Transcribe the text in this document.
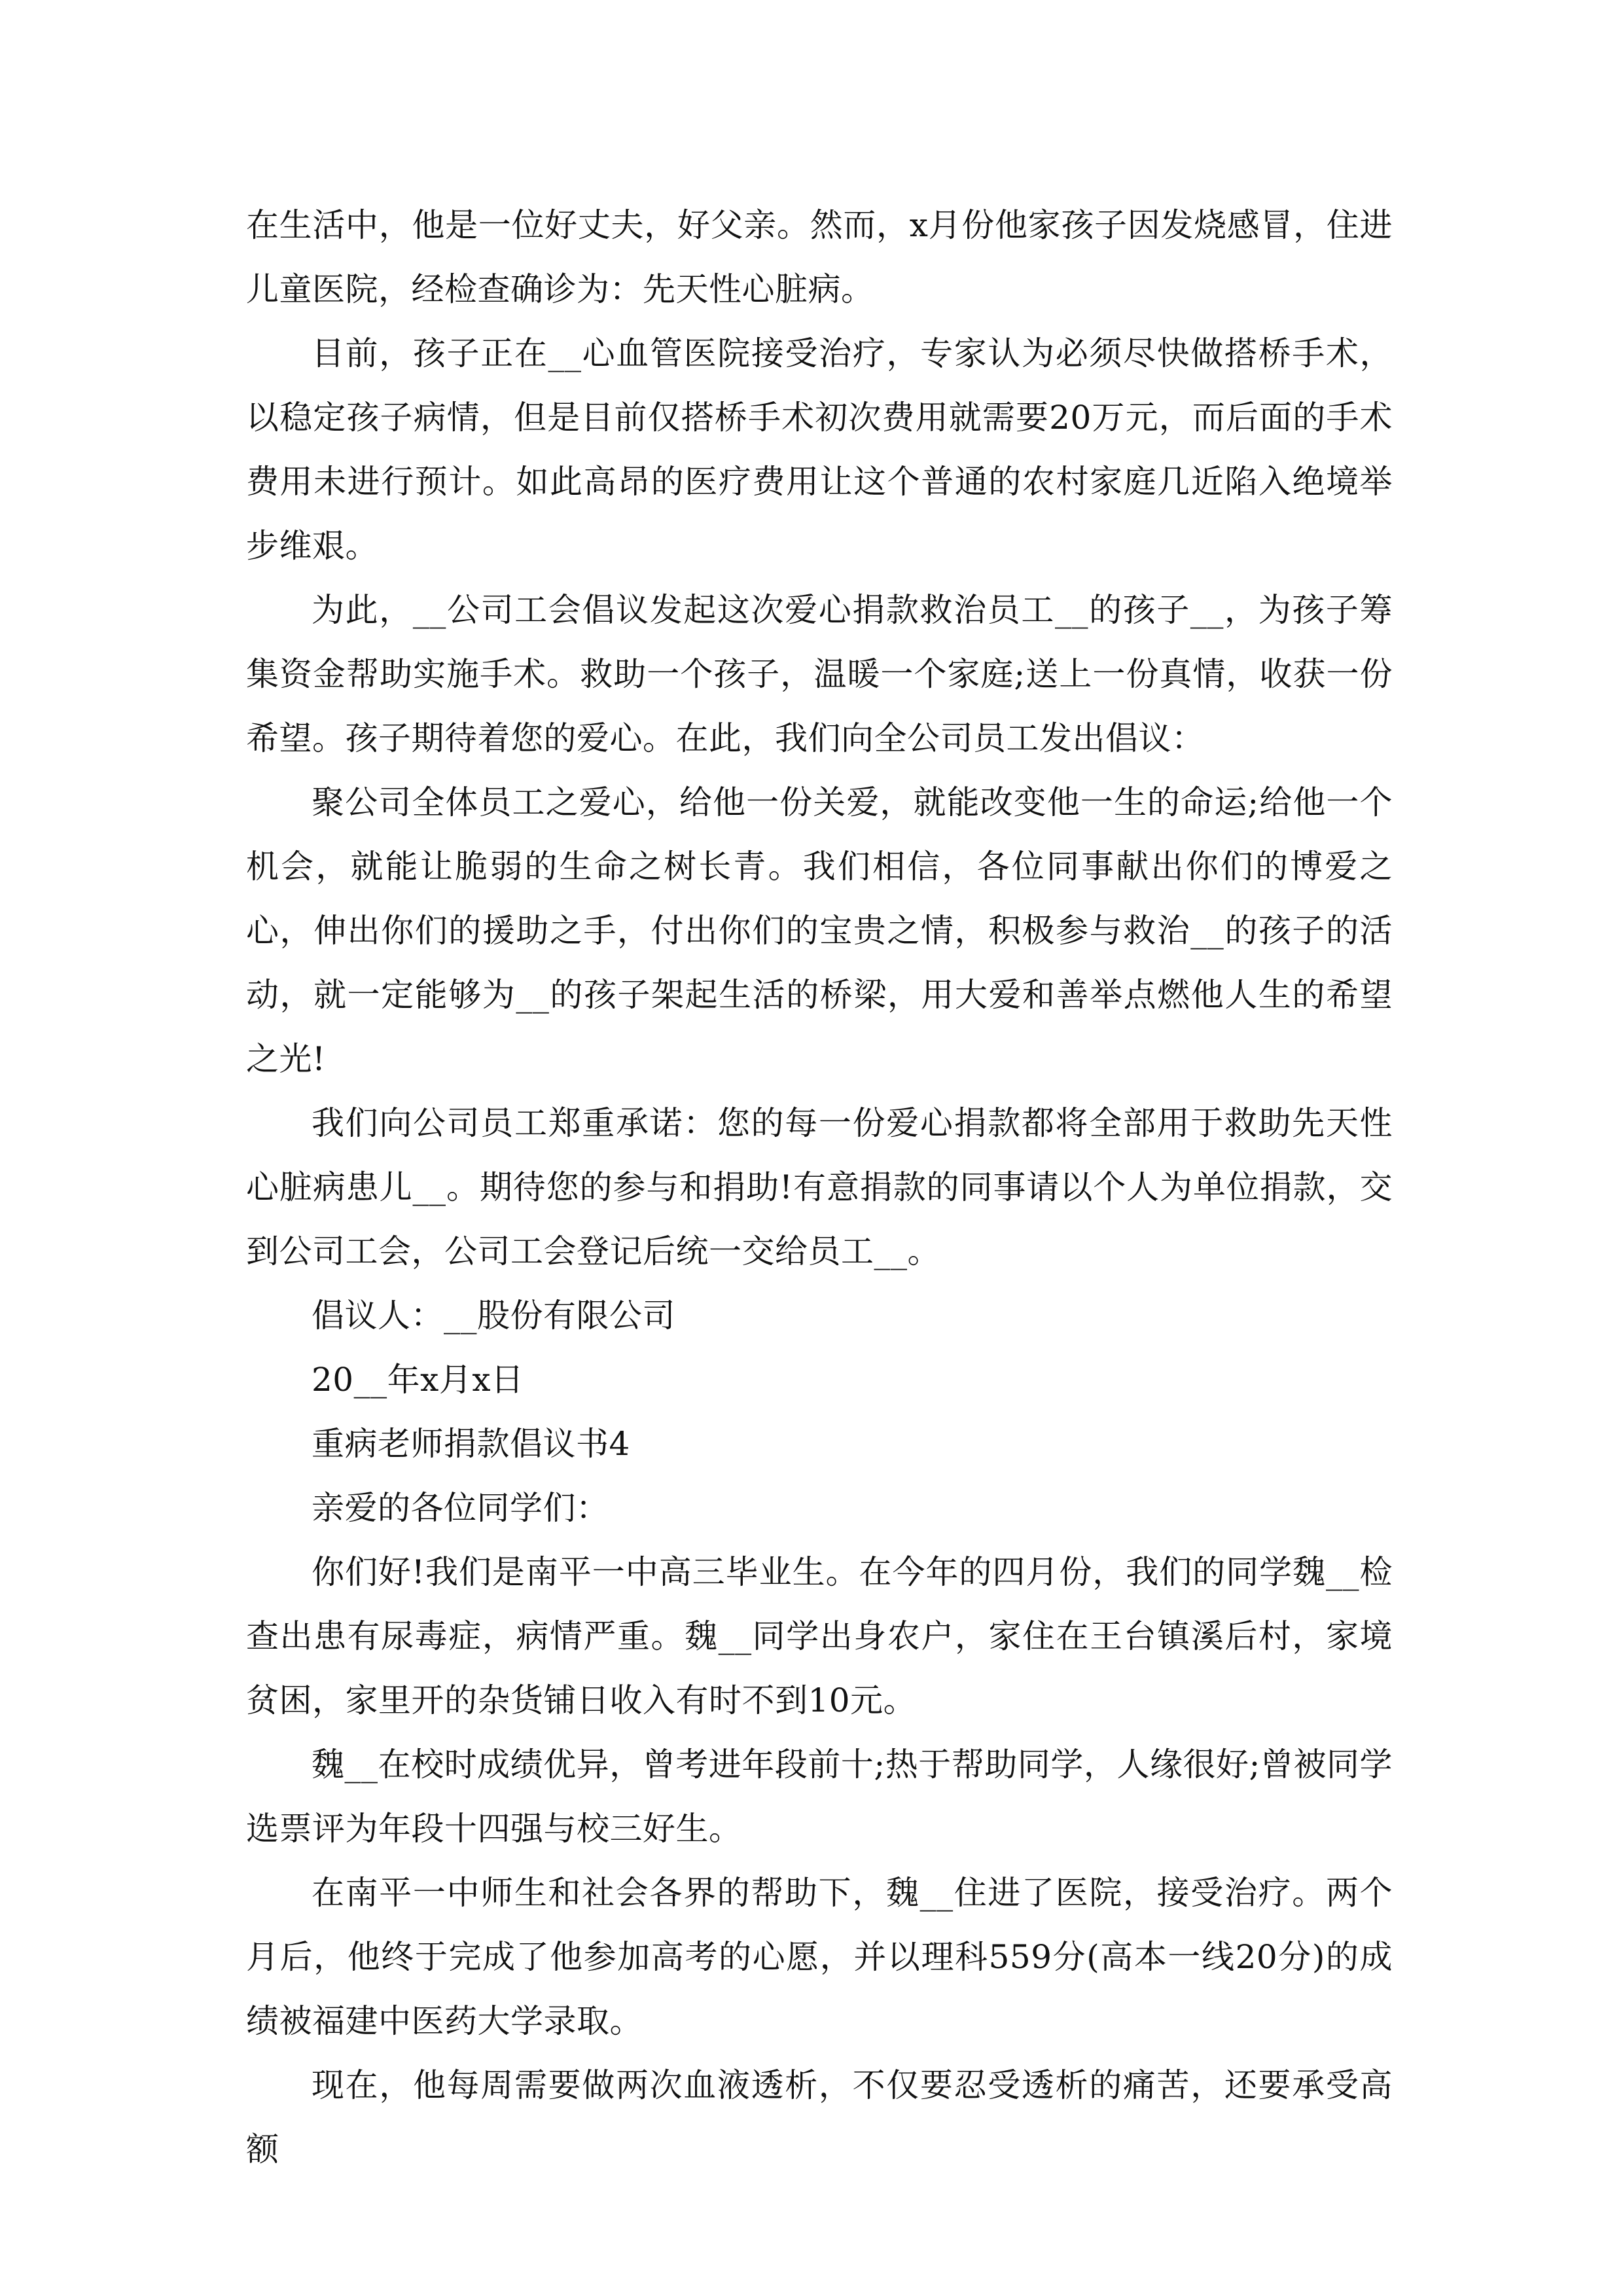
在生活中，他是一位好丈夫，好父亲。然而，x月份他家孩子因发烧感冒，住进儿童医院，经检查确诊为：先天性心脏病。

目前，孩子正在__心血管医院接受治疗，专家认为必须尽快做搭桥手术，以稳定孩子病情，但是目前仅搭桥手术初次费用就需要20万元，而后面的手术费用未进行预计。如此高昂的医疗费用让这个普通的农村家庭几近陷入绝境举步维艰。

为此，__公司工会倡议发起这次爱心捐款救治员工__的孩子__，为孩子筹集资金帮助实施手术。救助一个孩子，温暖一个家庭;送上一份真情，收获一份希望。孩子期待着您的爱心。在此，我们向全公司员工发出倡议：

聚公司全体员工之爱心，给他一份关爱，就能改变他一生的命运;给他一个机会，就能让脆弱的生命之树长青。我们相信，各位同事献出你们的博爱之心，伸出你们的援助之手，付出你们的宝贵之情，积极参与救治__的孩子的活动，就一定能够为__的孩子架起生活的桥梁，用大爱和善举点燃他人生的希望之光!

我们向公司员工郑重承诺：您的每一份爱心捐款都将全部用于救助先天性心脏病患儿__。期待您的参与和捐助!有意捐款的同事请以个人为单位捐款，交到公司工会，公司工会登记后统一交给员工__。

倡议人：__股份有限公司

20__年x月x日

重病老师捐款倡议书4

亲爱的各位同学们：

你们好!我们是南平一中高三毕业生。在今年的四月份，我们的同学魏__检查出患有尿毒症，病情严重。魏__同学出身农户，家住在王台镇溪后村，家境贫困，家里开的杂货铺日收入有时不到10元。

魏__在校时成绩优异，曾考进年段前十;热于帮助同学，人缘很好;曾被同学选票评为年段十四强与校三好生。

在南平一中师生和社会各界的帮助下，魏__住进了医院，接受治疗。两个月后，他终于完成了他参加高考的心愿，并以理科559分(高本一线20分)的成绩被福建中医药大学录取。

现在，他每周需要做两次血液透析，不仅要忍受透析的痛苦，还要承受高额
